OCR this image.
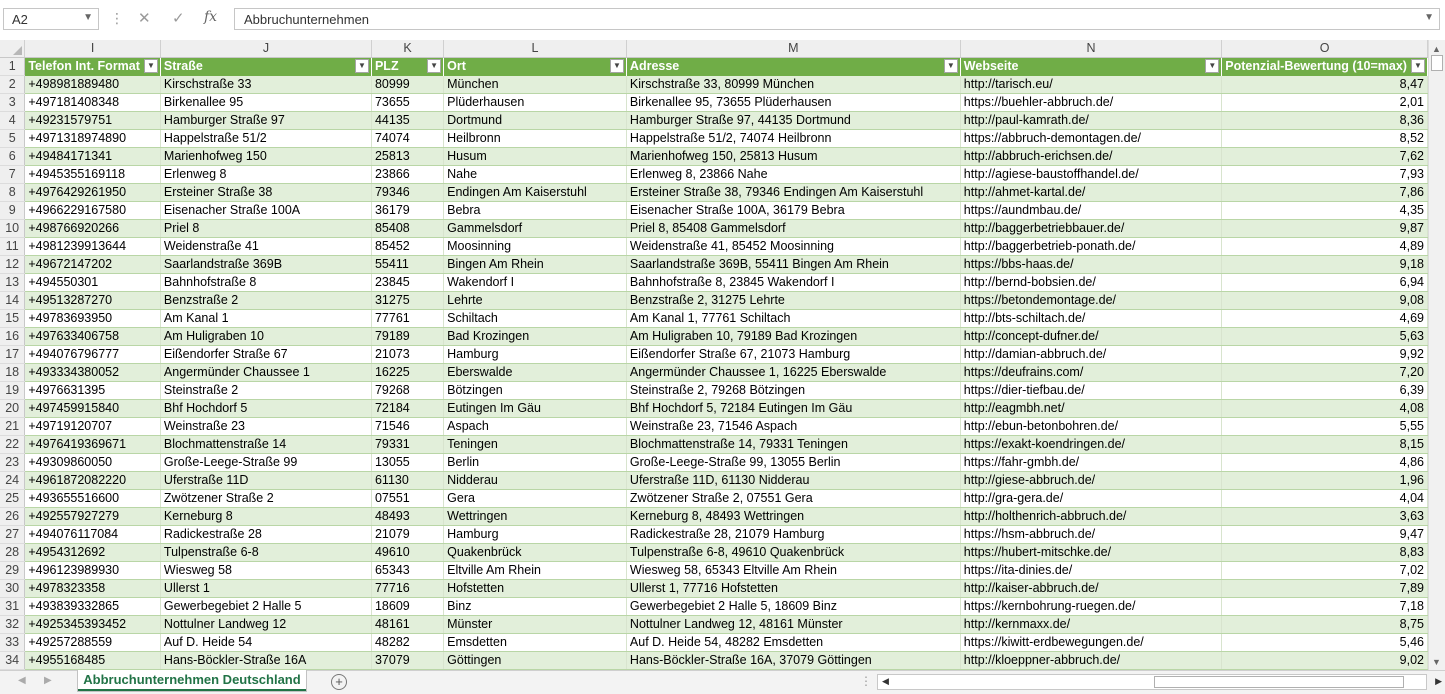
A2	▼ ⋮ ✕ ✓ fx Abbruchunternehmen	▼
	I	J	K	L	M	N	O
1	Telefon Int. Format ▼	Straße ▼	PLZ ▼	Ort ▼	Adresse ▼	Webseite ▼	Potenzial-Bewertung (10=max) ▼

2	+498981889480	Kirschstraße 33	80999	München	Kirschstraße 33, 80999 München	http://tarisch.eu/	8,47
3	+497181408348	Birkenallee 95	73655	Plüderhausen	Birkenallee 95, 73655 Plüderhausen	https://buehler-abbruch.de/	2,01
4	+49231579751	Hamburger Straße 97	44135	Dortmund	Hamburger Straße 97, 44135 Dortmund	http://paul-kamrath.de/	8,36
5	+4971318974890	Happelstraße 51/2	74074	Heilbronn	Happelstraße 51/2, 74074 Heilbronn	https://abbruch-demontagen.de/	8,52
6	+49484171341	Marienhofweg 150	25813	Husum	Marienhofweg 150, 25813 Husum	http://abbruch-erichsen.de/	7,62
7	+4945355169118	Erlenweg 8	23866	Nahe	Erlenweg 8, 23866 Nahe	http://agiese-baustoffhandel.de/	7,93
8	+4976429261950	Ersteiner Straße 38	79346	Endingen Am Kaiserstuhl	Ersteiner Straße 38, 79346 Endingen Am Kaiserstuhl	http://ahmet-kartal.de/	7,86
9	+4966229167580	Eisenacher Straße 100A	36179	Bebra	Eisenacher Straße 100A, 36179 Bebra	https://aundmbau.de/	4,35
10	+498766920266	Priel 8	85408	Gammelsdorf	Priel 8, 85408 Gammelsdorf	http://baggerbetriebbauer.de/	9,87
11	+4981239913644	Weidenstraße 41	85452	Moosinning	Weidenstraße 41, 85452 Moosinning	http://baggerbetrieb-ponath.de/	4,89
12	+49672147202	Saarlandstraße 369B	55411	Bingen Am Rhein	Saarlandstraße 369B, 55411 Bingen Am Rhein	https://bbs-haas.de/	9,18
13	+494550301	Bahnhofstraße 8	23845	Wakendorf I	Bahnhofstraße 8, 23845 Wakendorf I	http://bernd-bobsien.de/	6,94
14	+49513287270	Benzstraße 2	31275	Lehrte	Benzstraße 2, 31275 Lehrte	https://betondemontage.de/	9,08
15	+49783693950	Am Kanal 1	77761	Schiltach	Am Kanal 1, 77761 Schiltach	http://bts-schiltach.de/	4,69
16	+497633406758	Am Huligraben 10	79189	Bad Krozingen	Am Huligraben 10, 79189 Bad Krozingen	http://concept-dufner.de/	5,63
17	+494076796777	Eißendorfer Straße 67	21073	Hamburg	Eißendorfer Straße 67, 21073 Hamburg	http://damian-abbruch.de/	9,92
18	+493334380052	Angermünder Chaussee 1	16225	Eberswalde	Angermünder Chaussee 1, 16225 Eberswalde	https://deufrains.com/	7,20
19	+4976631395	Steinstraße 2	79268	Bötzingen	Steinstraße 2, 79268 Bötzingen	https://dier-tiefbau.de/	6,39
20	+497459915840	Bhf Hochdorf 5	72184	Eutingen Im Gäu	Bhf Hochdorf 5, 72184 Eutingen Im Gäu	http://eagmbh.net/	4,08
21	+49719120707	Weinstraße 23	71546	Aspach	Weinstraße 23, 71546 Aspach	http://ebun-betonbohren.de/	5,55
22	+4976419369671	Blochmattenstraße 14	79331	Teningen	Blochmattenstraße 14, 79331 Teningen	https://exakt-koendringen.de/	8,15
23	+49309860050	Große-Leege-Straße 99	13055	Berlin	Große-Leege-Straße 99, 13055 Berlin	https://fahr-gmbh.de/	4,86
24	+4961872082220	Uferstraße 11D	61130	Nidderau	Uferstraße 11D, 61130 Nidderau	http://giese-abbruch.de/	1,96
25	+493655516600	Zwötzener Straße 2	07551	Gera	Zwötzener Straße 2, 07551 Gera	http://gra-gera.de/	4,04
26	+492557927279	Kerneburg 8	48493	Wettringen	Kerneburg 8, 48493 Wettringen	http://holthenrich-abbruch.de/	3,63
27	+494076117084	Radickestraße 28	21079	Hamburg	Radickestraße 28, 21079 Hamburg	https://hsm-abbruch.de/	9,47
28	+4954312692	Tulpenstraße 6-8	49610	Quakenbrück	Tulpenstraße 6-8, 49610 Quakenbrück	https://hubert-mitschke.de/	8,83
29	+496123989930	Wiesweg 58	65343	Eltville Am Rhein	Wiesweg 58, 65343 Eltville Am Rhein	https://ita-dinies.de/	7,02
30	+4978323358	Ullerst 1	77716	Hofstetten	Ullerst 1, 77716 Hofstetten	http://kaiser-abbruch.de/	7,89
31	+493839332865	Gewerbegebiet 2 Halle 5	18609	Binz	Gewerbegebiet 2 Halle 5, 18609 Binz	https://kernbohrung-ruegen.de/	7,18
32	+4925345393452	Nottulner Landweg 12	48161	Münster	Nottulner Landweg 12, 48161 Münster	http://kernmaxx.de/	8,75
33	+49257288559	Auf D. Heide 54	48282	Emsdetten	Auf D. Heide 54, 48282 Emsdetten	https://kiwitt-erdbewegungen.de/	5,46
34	+4955168485	Hans-Böckler-Straße 16A	37079	Göttingen	Hans-Böckler-Straße 16A, 37079 Göttingen	http://kloeppner-abbruch.de/	9,02
▲
▼
◀ ▶	Abbruchunternehmen Deutschland	+	⋮ ◀	▶
